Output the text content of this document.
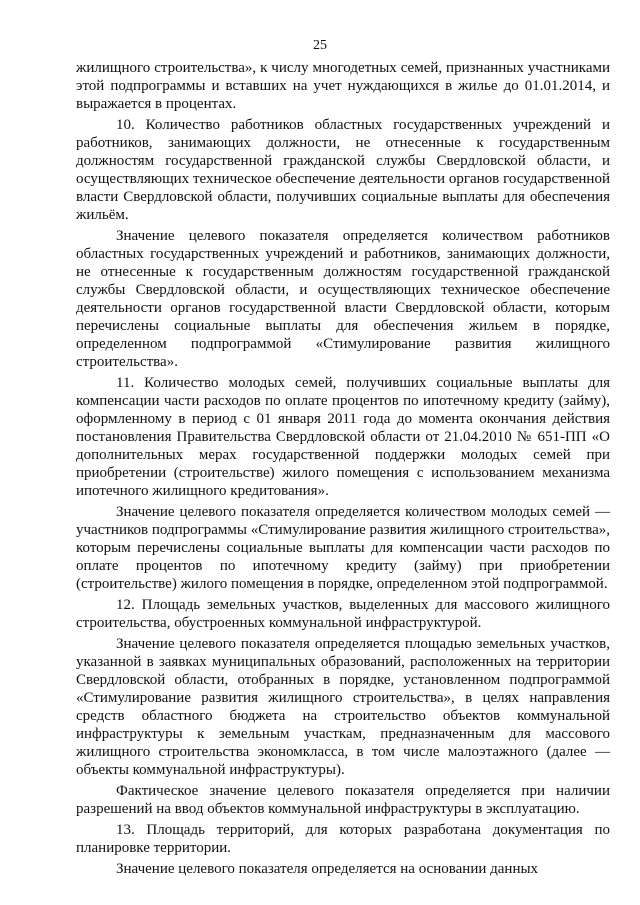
25

жилищного строительства», к числу многодетных семей, признанных участниками этой подпрограммы и вставших на учет нуждающихся в жилье до 01.01.2014, и выражается в процентах.

10. Количество работников областных государственных учреждений и работников, занимающих должности, не отнесенные к государственным должностям государственной гражданской службы Свердловской области, и осуществляющих техническое обеспечение деятельности органов государственной власти Свердловской области, получивших социальные выплаты для обеспечения жильём.

Значение целевого показателя определяется количеством работников областных государственных учреждений и работников, занимающих должности, не отнесенные к государственным должностям государственной гражданской службы Свердловской области, и осуществляющих техническое обеспечение деятельности органов государственной власти Свердловской области, которым перечислены социальные выплаты для обеспечения жильем в порядке, определенном подпрограммой «Стимулирование развития жилищного строительства».

11. Количество молодых семей, получивших социальные выплаты для компенсации части расходов по оплате процентов по ипотечному кредиту (займу), оформленному в период с 01 января 2011 года до момента окончания действия постановления Правительства Свердловской области от 21.04.2010 № 651-ПП «О дополнительных мерах государственной поддержки молодых семей при приобретении (строительстве) жилого помещения с использованием механизма ипотечного жилищного кредитования».

Значение целевого показателя определяется количеством молодых семей — участников подпрограммы «Стимулирование развития жилищного строительства», которым перечислены социальные выплаты для компенсации части расходов по оплате процентов по ипотечному кредиту (займу) при приобретении (строительстве) жилого помещения в порядке, определенном этой подпрограммой.

12. Площадь земельных участков, выделенных для массового жилищного строительства, обустроенных коммунальной инфраструктурой.

Значение целевого показателя определяется площадью земельных участков, указанной в заявках муниципальных образований, расположенных на территории Свердловской области, отобранных в порядке, установленном подпрограммой «Стимулирование развития жилищного строительства», в целях направления средств областного бюджета на строительство объектов коммунальной инфраструктуры к земельным участкам, предназначенным для массового жилищного строительства экономкласса, в том числе малоэтажного (далее — объекты коммунальной инфраструктуры).

Фактическое значение целевого показателя определяется при наличии разрешений на ввод объектов коммунальной инфраструктуры в эксплуатацию.

13. Площадь территорий, для которых разработана документация по планировке территории.

Значение целевого показателя определяется на основании данных
